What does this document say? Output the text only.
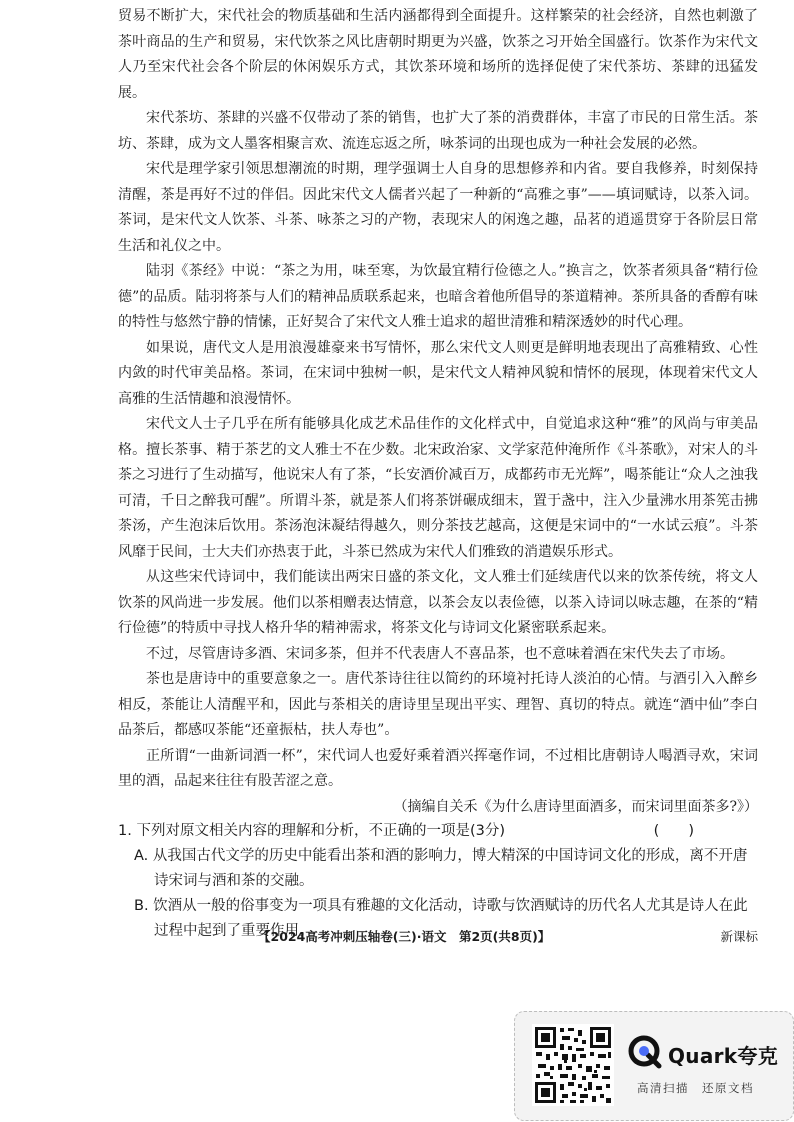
贸易不断扩大，宋代社会的物质基础和生活内涵都得到全面提升。这样繁荣的社会经济，自然也刺激了茶叶商品的生产和贸易，宋代饮茶之风比唐朝时期更为兴盛，饮茶之习开始全国盛行。饮茶作为宋代文人乃至宋代社会各个阶层的休闲娱乐方式，其饮茶环境和场所的选择促使了宋代茶坊、茶肆的迅猛发展。

宋代茶坊、茶肆的兴盛不仅带动了茶的销售，也扩大了茶的消费群体，丰富了市民的日常生活。茶坊、茶肆，成为文人墨客相聚言欢、流连忘返之所，咏茶词的出现也成为一种社会发展的必然。

宋代是理学家引领思想潮流的时期，理学强调士人自身的思想修养和内省。要自我修养，时刻保持清醒，茶是再好不过的伴侣。因此宋代文人儒者兴起了一种新的“高雅之事”——填词赋诗，以茶入词。茶词，是宋代文人饮茶、斗茶、咏茶之习的产物，表现宋人的闲逸之趣，品茗的逍遥贯穿于各阶层日常生活和礼仪之中。

陆羽《茶经》中说：“茶之为用，味至寒，为饮最宜精行俭德之人。”换言之，饮茶者须具备“精行俭德”的品质。陆羽将茶与人们的精神品质联系起来，也暗含着他所倡导的茶道精神。茶所具备的香醇有味的特性与悠然宁静的情愫，正好契合了宋代文人雅士追求的超世清雅和精深透妙的时代心理。

如果说，唐代文人是用浪漫雄豪来书写情怀，那么宋代文人则更是鲜明地表现出了高雅精致、心性内敛的时代审美品格。茶词，在宋词中独树一帜，是宋代文人精神风貌和情怀的展现，体现着宋代文人高雅的生活情趣和浪漫情怀。

宋代文人士子几乎在所有能够具化成艺术品佳作的文化样式中，自觉追求这种“雅”的风尚与审美品格。擅长茶事、精于茶艺的文人雅士不在少数。北宋政治家、文学家范仲淹所作《斗茶歌》，对宋人的斗茶之习进行了生动描写，他说宋人有了茶，“长安酒价减百万，成都药市无光辉”，喝茶能让“众人之浊我可清，千日之醉我可醒”。所谓斗茶，就是茶人们将茶饼碾成细末，置于盏中，注入少量沸水用茶筅击拂茶汤，产生泡沫后饮用。茶汤泡沫凝结得越久，则分茶技艺越高，这便是宋词中的“一水试云痕”。斗茶风靡于民间，士大夫们亦热衷于此，斗茶已然成为宋代人们雅致的消遣娱乐形式。

从这些宋代诗词中，我们能读出两宋日盛的茶文化，文人雅士们延续唐代以来的饮茶传统，将文人饮茶的风尚进一步发展。他们以茶相赠表达情意，以茶会友以表俭德，以茶入诗词以咏志趣，在茶的“精行俭德”的特质中寻找人格升华的精神需求，将茶文化与诗词文化紧密联系起来。

不过，尽管唐诗多酒、宋词多茶，但并不代表唐人不喜品茶，也不意味着酒在宋代失去了市场。

茶也是唐诗中的重要意象之一。唐代茶诗往往以简约的环境衬托诗人淡泊的心情。与酒引入入醉乡相反，茶能让人清醒平和，因此与茶相关的唐诗里呈现出平实、理智、真切的特点。就连“酒中仙”李白品茶后，都感叹茶能“还童振枯，扶人寿也”。

正所谓“一曲新词酒一杯”，宋代词人也爱好乘着酒兴挥毫作词，不过相比唐朝诗人喝酒寻欢，宋词里的酒，品起来往往有股苦涩之意。

（摘编自关禾《为什么唐诗里面酒多，而宋词里面茶多?》）

1. 下列对原文相关内容的理解和分析，不正确的一项是(3分)	(　　)
A. 从我国古代文学的历史中能看出茶和酒的影响力，博大精深的中国诗词文化的形成，离不开唐诗宋词与酒和茶的交融。
B. 饮酒从一般的俗事变为一项具有雅趣的文化活动，诗歌与饮酒赋诗的历代名人尤其是诗人在此过程中起到了重要作用。
【2024高考冲刺压轴卷(三)·语文　第2页(共8页)】	新课标
Quark夸克
高清扫描　还原文档
